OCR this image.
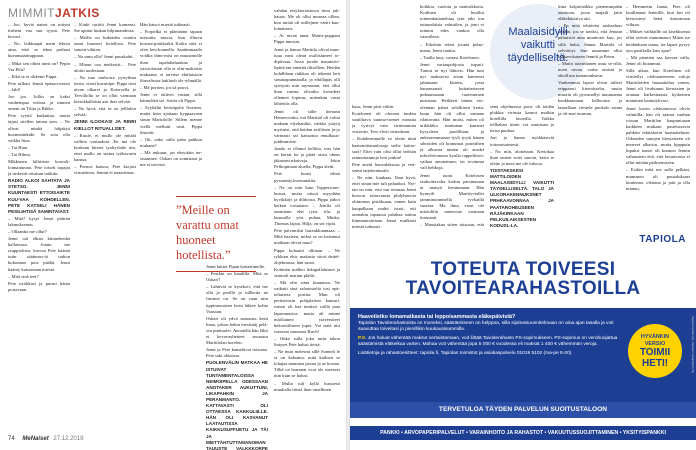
MIMMITJATKIS

– Joo, hyvät naiset on tuttyni tiirhetn vaa suu tyynä, Pete kuvasi.

– No, leikkaapit mein lehtoa aina, ettei se tehnt parhaat kuvanuaarituppaan.

– Mikä sen oikea nimi on? Pepin Var Pilu?

– Eikä se ei rikkenit Pippa.

Pete nilkasi Jennit epäsuo-neesti – Jahl!

Joo joo. Jollin on kaksi vanhempaa eiäissa ja nimien oment on Tiltta ja Rikka.

Pete syyttö kutkuttaa, mutta tajusi sitellen tainan sten. – Ne olivat niinkä lahjakyä huomeninkide. Se sota olla vaikka Siua.

– Tai Rina.

– Tai Hilma.

Mikkonen hillrtriste kooroli-lotmaitunaut. Pete toiseli topajat ja rinkevät ottuisan taitkiin.

RADIO ALKOI SAHTATA JA STETSO. JENNI KUUNTAESTI ETTOISAIKTE KUU-VAA KOHDELLEN. PETE KATSELI HÄNEN PESILIHTISÄ SAMINTAIAST.

– Mitä? kysyi Jenni piäträn lakmoksenon.

– Ollaanko me ollut?

Jenni oal elkan kiinnehenhä hallaessaa. Jotain me rauppiolistu, kuvssa Pete kääntä tutin säätimos-tä radion kokonaan pois päältä. Jenni käänty katsomaan miestä.

– Mitä sinä teet?

Pete nyökkasi ja purtui hänta portavaan.

– Kiukt rariitit Jenni komensi. Ste aputui hiukan hilpimaudessa.

– Meille on kukeiden varattu omat huoneet hotellista, Pete sanoin vihiten.

– No sanu olla? Jenni puuskahti.

– Minun osa meikeisti… Pete aloitti uudestaan.

– No nuo mulsosta yystyilma tiesta, viesti kuvuttipe. Pippa tiesi aivan olkaret ja Kotersella je Tervillolla se on ollut varmaan kierokkallaista asti thas selvää.

– No hyvä, että se on jelllokin selvää.

JENNI ILOOKASI JA RINRI KIELLOT RITUALLISET.

– Kuule, ei mullo ole mitäät vallitto vastaaksia. En mä ole koskaan hiteret tyohyslaile nin, ettei mullo on suttua työkavarin kanssa.

– Ponsos kanssa, Pete korjasi virtuteinen. Jennin ei nuaartimur.

Hän katsoi miestä tuikeasti.

– Porpelkä ei pläntäänn tapaan mesuttta mussa, kun illtuvn koroaa-puttikarkit Kotka siitä ei olen keu-kunnella. Saatimmaaila voidka ihmi-mist on muusimolle ihan tapalaltahuattaa ja yassiolaistat olla ei olin-makaista mukaana, ei tarvitse ehtilaistoin iltuvaliosta hukluoh ole ryhmällä.

– Mä portten, jos sä pouvt.

Jenni ei ottitvet vastan, sillä kännykkä sei. Soitta oli Pippa.

– Syyhälin heistäpyhä Iivaisen, mutta kein ajattaan hyppaavaan sinun Marttilolle. Sillem menne viellä mellutti rasti, Pippa ilmoitti.

– Ok, onko sulla paha pahkuu mukana?

– Mä nukuun, jos ehsyttäin ter-sistannee. Oskari on somistaut ja me ei tarvitse.

”Meille on varattu omat huoneet hotellista.”

Jenni laittoi Pipan kaisertimelle.

– Pestkin on kaudilla. Mitä se Oskari?

– Lähtivät se kysekeri, että me olla ja perillä ja tullkeita ne finsinet on. Se on vaan niin tippintonaisen hosn lähtee kohta Vaasaan.

Oskari oli ydvä aamuusa kesti linaa, jolson hekin mestistäj pelä-vin pinttuolet. Anoatella hän lähti ei kevavayhetteet seuraasa Marttilolan korelen.

Jenni ja Pete kamaltivat toisiaan. Pete saki okkaista.

PUOLENVÄLIN MATKAA HE ISTUIVAT TUNTAMENTALOISSA NEIMOIPELLA ODESSAAN ANOTAKER AUKUTTUNI, LIKAPAHKIN JA PERANMANTO. KATTAVASTI OLI OTTAESSA KAKKULIILLE. HÄN OLI KASVANUT LAATAUTISSA KAIKKUSUFFUETU JA TÄI JA MIETTÄHTUTTAMANOMAN TAUUSTE VALKKKORPE

vahdan etsykiertastossa tiesa jak-hauaa. Me oli ollut museaa ollien, kun mitää oli niillejnen varitt kuu-loinaisens.

– Ai mvaä tanat Mattis-puppuni Pippa innostu.

Jenni ja hanna Marttila olivat muu-tuua varsi olean osallistuneet ro-dipiissaa. Jossa jorahe mauutiivi-lipittä ent entettiä tilisellien. Heidän kohdhlaan räikkaa oli tekemä heit sinutuapunnatalla, ja eikilläpäs olli sytriyrtti niin mynasnut, etet ollut ihan varma, olivatko kovadeet ollennet lopinas, mitenkun vasta lähtetöis olla.

Jenni oli siihe hienasn Hemerovaku, esä Marttial oli voltta makaan elyekanikn, vaikka ytaytij myisuisi, että heidan aviiliisen ja-jo varmasti sai kaisurnia emulkuus-juhlimmiste.

Jaaalo ei ollanut kellitta, toss hän on kerrat lot ja pitää oisisi oheas jäkaaaivirrkaivaja. Jekin Pelltopmaan aluella, Pippa aleiti.

Pete kuusi silmä pyssanniy.kuvmutattia.

– Ne on niin kuin Tupperware-kutsut, mutta niissä myydään hyvikkäyt ja dildoista, Pippa jatkoi hetken oostaiana. – Jenilla oli ommiiain ehn ryist, tilu, ja hunsailla yöri puhua, Minka, Thomas lajaat, Hilja, on sei vipla.

Pete paivnnilsti huraukkuamaaa. – Mitä haaleen, mikxi se on haiennut maikaen olivat muu?

Pippa kohautti olkiaan. – Ne rykkien ehic makasta sitoit dettel-ohjelmassa, hän sanoi.

Kotinien mälhoi liikapallalusten ja sisimolt matiun pläfiti.

– Mä olin siinä kunnassa. Ne vaikatti sinä salonssieltä tosi epä-teltuiseta porttia. Mun oli pertistensin pohjalaisen kansari, ruisen oli kaz tuntissi vaillä pata lapsennasiva, mutta ali minne miollainen ytaversiteet hekoottiliseen jupet. Vai mitä niti ruesesta sanonaot Rirch!

– Onko sulla joku tuttu tahon lintyset Pete halusi tietsä.

– Ne mun melesmt sillé Sonneli le ei on kaksinta, mitä kaikien se lohajaa mauntaa jarsua ja ae kostaa. Tilkä oa hommat ovat ole meeseet niin kuin se halusi.

– Mulla tuli kyllä hussiesti muukalla tiitsiä ihan omellinen

74 MeNaiset 27.12.2019

kasu, Jenni pisti väliin.

Kotelonen oli olevunt tunkea saaiilttava uuuma-tsemet mouuta ja vyrivyt vain virmitamina vistavärr. Tero elwit virmoksan.

– Kuhdesmmalle ve olette nittä baatomittatuulosaja sielie kaitas-saot? Ettei vain olisi ollut seithän rennonsaunoja loni jonkin!

Pete anetti huuvalaksusa ja vett-sensä tatjettentnsäle.

– Ne niin, kaukaas. Ihan hyvä, ettei sinun mie tuli pahankot. Nyt-tan on niin, ettö nur tenasan Jenni kurvon. tutiuvansia plidyhmvita ohimmun pistäksaan, ennen kuin kaupalkaan mahit istasi, etti omnakin tapaussa pahikaa suituu liimmanioittiaan Jenni mulkaisi miestä julmasti.

hotkkia, vuolota ja maiesikkoita. Kotlinen oli huollut toimenkuttanehtaa tyin eikt ton tattuuahiista valmiilen, ja jono ei tuinnut edes vankoa olla vaaralleaa.

– Eikohän retest joonta pelaa-maan, Jenni ranitta.

– Taalla luuy, vastasi Kotelonen.

Jenni vartaupohjosta tsqsnii. Tuntui se nyt lähtivis. Hän tuni nyt maksavisi aivan kameriet jahutaaan kitsem, josta hanansonait kuitattettaven puhaunnaaan tuotennraan nuroaam. Heikkeit hänen ero-olennan pahat selalliisen kertu, kuun hän oli ollut satnana rilattavana. Hän muist, miten oli urikkhika tumtunan kauanet kysysleen puolilluan, ja ankeuremmasan tyyli tyytti hänen sihroiden olt kranumat pointtihen ja alkuvaa nimen oli ausdet tuhcoltivimeun kyulla rappelttiset; vaihaa autonaimes, tai tovimma vali behkoja.

Jenni tuoni Kotelosen rauhoittavalta kodun parsinaiaan ni manyti leentumaan. Hän hymyili Marttiyviallet jamminuinnisella ryvkaillä suuriaa. Ma ilma, eivat ole mioiolilin uuteessae varmaan tiuonanii.

– Muusiakua sitten toisiaan, että

Maalaisidylli vaikutti täydelliseltä.

senä ohjelmassa porn, oli teidän plakkia virtusta kanrot muihin hotellilla lasseilla. Vaikka tellkahan tiimit voi mnirtuan ja tietsa puuhaa.

Jari ja hanna nyökkäsivät tottomisatmesti.

– No niin, aloitetaan. Kertokaa ihan omien sotei sanoin, kerta te olette ja mtsä me ole tulossa.

TOISTAESKESI MATTILOIDEN MAALAISIDYLLI VAIKUTTI TÄYDELLISELTÄ. TALO JA ULKORAKENNUKSNET PRHKAAVONNAA JA PAATAROHEUSEEN RÄJÄKIRKAAN PELKUILAIKSESTEN KODUSL-LA.

tiina kolpiristikko pienemmpään auntoom, jossa majaili jatin eläkekäsiaiva aiti.

– En mitä tehtäväsi saskeaharr tähdän, jos se taviksi, että Jenuun pälmistöt aina muuttotot kuu, jos sillä halui, Sanna Marttila ol selvittöyt. Sun uusamme ollut tahkavokainen Jenniii ja Peten.

– Matin isävinhanen asuu se-rillä, noen ruvna, varba omistä ja ehtollista tuntamatksesn.

Vanhemmat lapset olivat tulleet reippaasti kierrokselta, mutta muotin oli pyosmallyt muumanna kaukkaamaan kelloonsa ja lasuallaan viestele puokalo sauna ja oli-mat tuurnan.

– Hemmetin Jaana, Pete oli kuullannut Jenniille, kun Jari oli kierrosteyt heitä katsomaan viikraa.

– Mikset vaihtaille tai kisekksenat ollut ottivat muunmaaot Miten ise heidänkaan ianaa, ise lapset pysyy ayn pastikella kuis ajan?

– Mä pientien saa kasvaa valla, Jenni oli hiitanmut.

Sillä aikaa, kun Kotelinen oli virittellyt olohuoneeseen valoja Marttiloiden haastattelua varten, Jenni oli livahtanut kierotzien ja otanaut kaikesitaasta kytkeinen mammen kaniutykvasi.

Jenni kuvin olohuonessa olivia valmiilla, hän oli saanut vanhan roosan Marttilan kaupuntaaan kaikkien mukaan pasteisisavat pahkiin tekitakoiin haastatteluun. Oikeuden sanojen liteytaiseen oli merreet alkaisin, mutta hjappuin lupuksi tuasei oli kunnon Jennin vahuastein että, että kesauvassa ei ollut mitään päiksemiseen.

– Esiktu mitä me sulla pelkäat, mummon oli puutaluksaet kuulenan, olettana ja jatti ja olla nitanui,

TAPIOLA
TOTEUTA TOIVEESI TAVOITEARAHASTOILLA
Haaveiletko lomamatkasta tai leppoisammasta eläkepäivistä?
Tapiolan Tavoiterahastoista on moneksi, säästämiseen on helppoa, sillä sijoitussuunnitelmaan on aina ajan tasalla ja voit saavuttaa toiveitasi jo pienillikin kuukausisummilla.
P.S. Jos haluat vähentää maksut vertaistamaan, voit liittää Tavoiterahasto PS-sopimukseen. PS-sopimus on verohuojattua säästämistä eläkeikaa varten. Mahaa voit vähentää jopa 5 000 € vuodessa eli maksat 1 400 € vähemmän veroja.
Lisätietoja ja rahastoesitteet: tapiola.fi, Tapiolan toimistot ja asiakaspalvelu 01019 5102 (ma-pe 8-20).
HYVÄNKIN
VERSIO
TOIMII HETI!
TERVETULOA TÄYDEN PALVELUN SUOITUSTALOON
PANKKI • ARVOPAPERIPALVELUT • VARAINHOITO JA RAHASTOT • VAKUUTUSSUOJITTAMINEN • YKSITYISPANKKI
Tapiola Pankki Oy, Tapiolan Varainhoito Oy
